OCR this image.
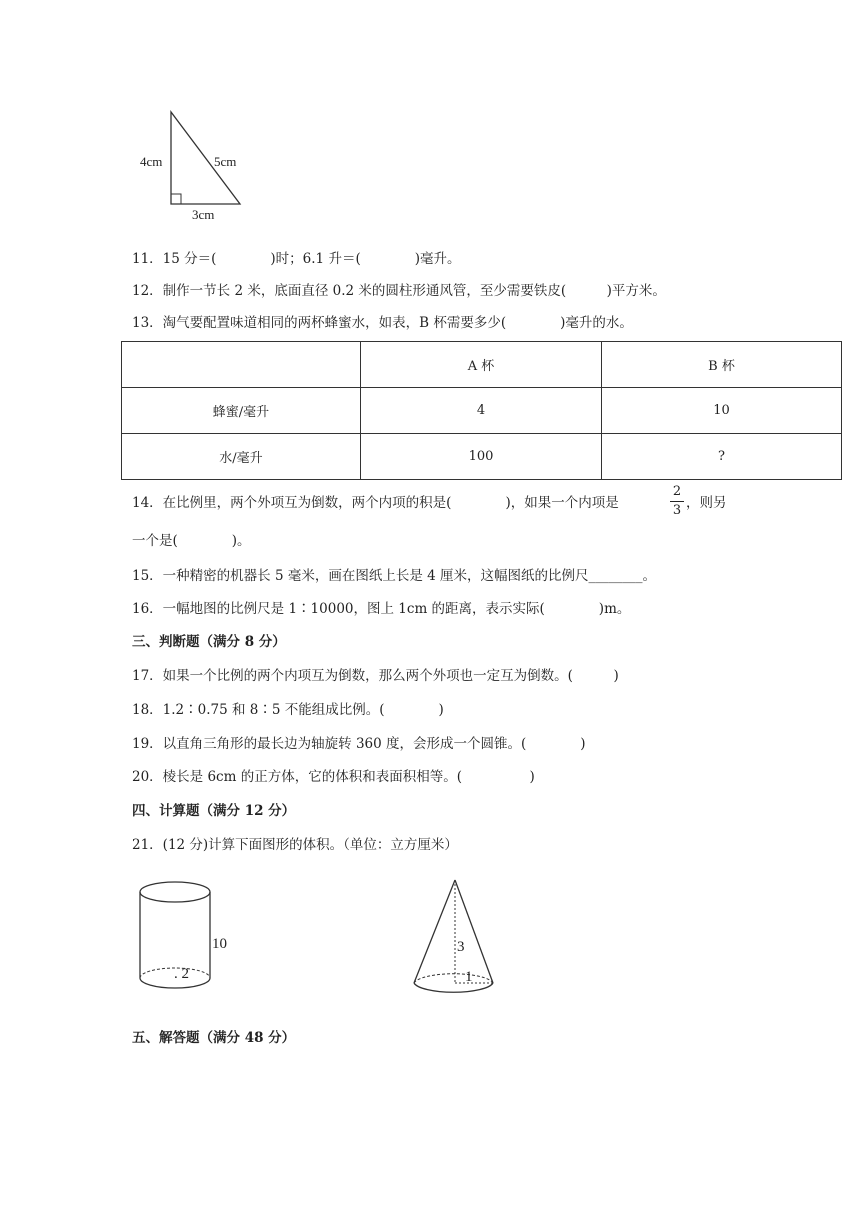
4cm	5cm
3cm
11．15 分＝(　　　　)时；6.1 升＝(　　　　)毫升。
12．制作一节长 2 米，底面直径 0.2 米的圆柱形通风管，至少需要铁皮(　　　)平方米。
13．淘气要配置味道相同的两杯蜂蜜水，如表，B 杯需要多少(　　　　)毫升的水。
	A 杯	B 杯
蜂蜜/毫升	4	10
水/毫升	100	?
14．在比例里，两个外项互为倒数，两个内项的积是(　　　　)，如果一个内项是
2
3 ，则另
一个是(　　　　)。
15．一种精密的机器长 5 毫米，画在图纸上长是 4 厘米，这幅图纸的比例尺________。
16．一幅地图的比例尺是 1∶10000，图上 1cm 的距离，表示实际(　　　　)m。
三、判断题（满分 8 分）
17．如果一个比例的两个内项互为倒数，那么两个外项也一定互为倒数。(　　　)
18．1.2∶0.75 和 8∶5 不能组成比例。(　　　　)
19．以直角三角形的最长边为轴旋转 360 度，会形成一个圆锥。(　　　　)
20．棱长是 6cm 的正方体，它的体积和表面积相等。(　　　　　)
四、计算题（满分 12 分）
21．(12 分)计算下面图形的体积。（单位：立方厘米）
10
. 2
3
1
五、解答题（满分 48 分）
